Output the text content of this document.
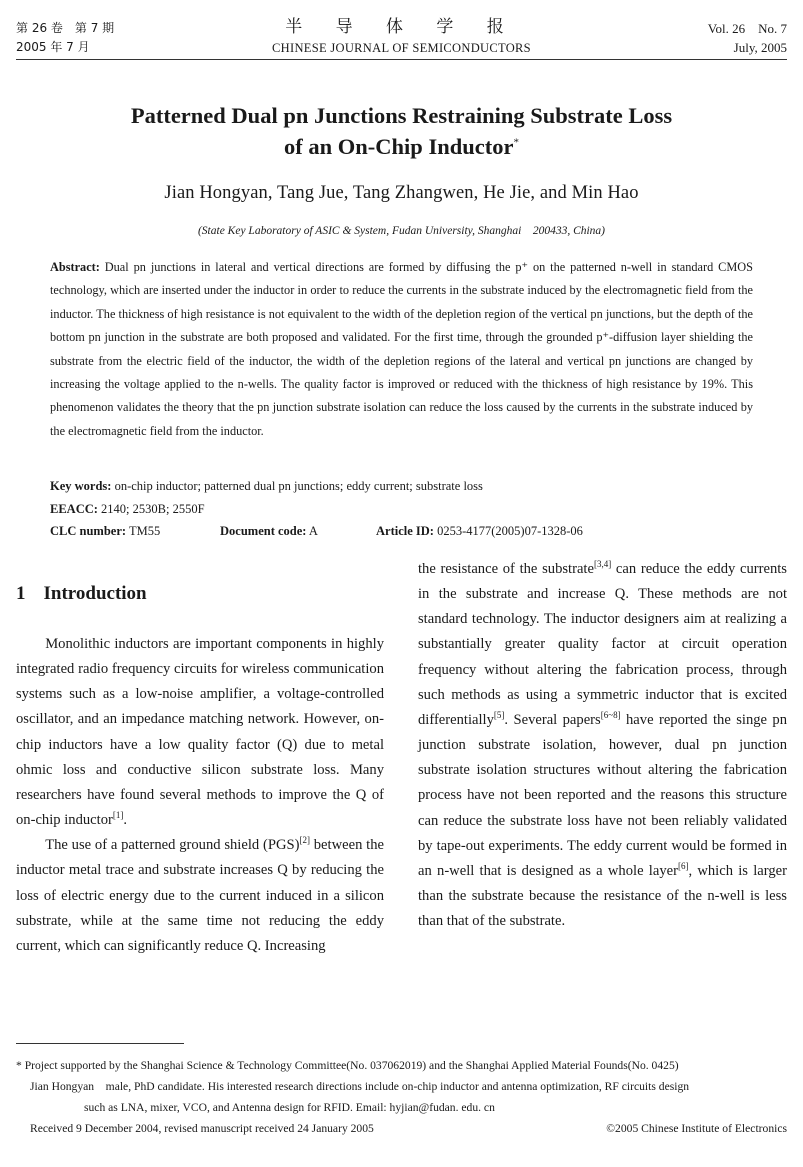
第 26 卷　第 7 期
2005 年 7 月
半 导 体 学 报
CHINESE JOURNAL OF SEMICONDUCTORS
Vol. 26　No. 7
July, 2005
Patterned Dual pn Junctions Restraining Substrate Loss
of an On-Chip Inductor*
Jian Hongyan, Tang Jue, Tang Zhangwen, He Jie, and Min Hao
(State Key Laboratory of ASIC & System, Fudan University, Shanghai　200433, China)
Abstract: Dual pn junctions in lateral and vertical directions are formed by diffusing the p⁺ on the patterned n-well in standard CMOS technology, which are inserted under the inductor in order to reduce the currents in the substrate induced by the electromagnetic field from the inductor. The thickness of high resistance is not equivalent to the width of the depletion region of the vertical pn junctions, but the depth of the bottom pn junction in the substrate are both proposed and validated. For the first time, through the grounded p⁺-diffusion layer shielding the substrate from the electric field of the inductor, the width of the depletion regions of the lateral and vertical pn junctions are changed by increasing the voltage applied to the n-wells. The quality factor is improved or reduced with the thickness of high resistance by 19%. This phenomenon validates the theory that the pn junction substrate isolation can reduce the loss caused by the currents in the substrate induced by the electromagnetic field from the inductor.
Key words: on-chip inductor; patterned dual pn junctions; eddy current; substrate loss
EEACC: 2140; 2530B; 2550F
CLC number: TM55	Document code: A	Article ID: 0253-4177(2005)07-1328-06
1 Introduction

Monolithic inductors are important components in highly integrated radio frequency circuits for wireless communication systems such as a low-noise amplifier, a voltage-controlled oscillator, and an impedance matching network. However, on-chip inductors have a low quality factor (Q) due to metal ohmic loss and conductive silicon substrate loss. Many researchers have found several methods to improve the Q of on-chip inductor[1].

The use of a patterned ground shield (PGS)[2] between the inductor metal trace and substrate increases Q by reducing the loss of electric energy due to the current induced in a silicon substrate, while at the same time not reducing the eddy current, which can significantly reduce Q. Increasing

the resistance of the substrate[3,4] can reduce the eddy currents in the substrate and increase Q. These methods are not standard technology. The inductor designers aim at realizing a substantially greater quality factor at circuit operation frequency without altering the fabrication process, through such methods as using a symmetric inductor that is excited differentially[5]. Several papers[6~8] have reported the singe pn junction substrate isolation, however, dual pn junction substrate isolation structures without altering the fabrication process have not been reported and the reasons this structure can reduce the substrate loss have not been reliably validated by tape-out experiments. The eddy current would be formed in an n-well that is designed as a whole layer[6], which is larger than the substrate because the resistance of the n-well is less than that of the substrate.

* Project supported by the Shanghai Science & Technology Committee(No. 037062019) and the Shanghai Applied Material Founds(No. 0425)
Jian Hongyan　male, PhD candidate. His interested research directions include on-chip inductor and antenna optimization, RF circuits design
such as LNA, mixer, VCO, and Antenna design for RFID. Email: hyjian@fudan. edu. cn
Received 9 December 2004, revised manuscript received 24 January 2005	©2005 Chinese Institute of Electronics
